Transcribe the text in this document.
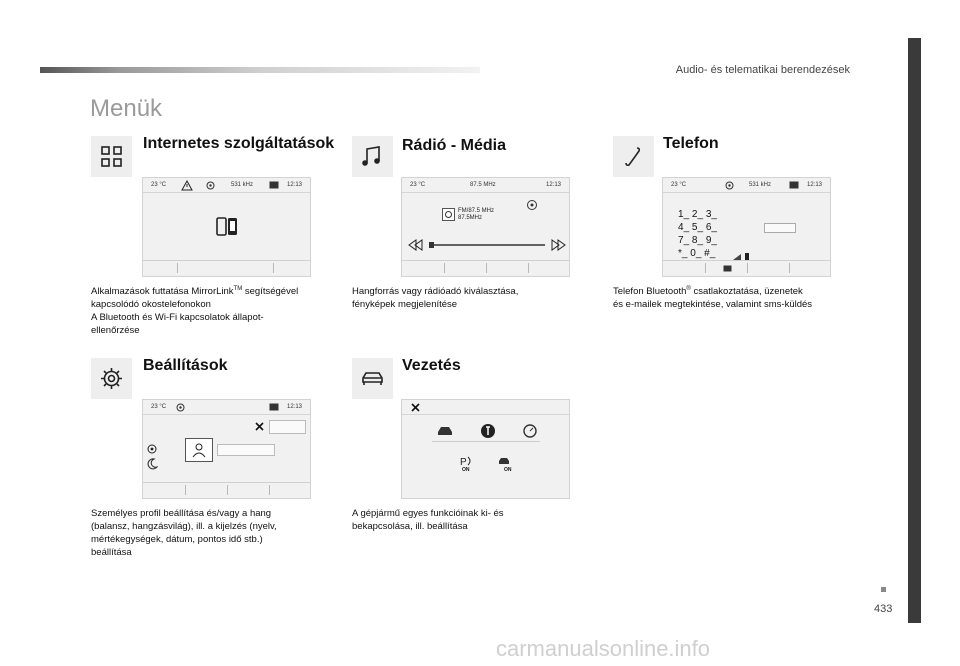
Audio- és telematikai berendezések
433
Menük
Internetes szolgáltatások
23 °C	531 kHz	12:13
Alkalmazások futtatása MirrorLink™ segítségével
kapcsolódó okostelefonokon
A Bluetooth és Wi-Fi kapcsolatok állapot-
ellenőrzése
Rádió - Média
23 °C	87.5 MHz	12:13
FM/87.5 MHz
87.5MHz
Hangforrás vagy rádióadó kiválasztása,
fényképek megjelenítése
Telefon
23 °C	531 kHz	12:13
1_ 2_ 3_
4_ 5_ 6_
7_ 8_ 9_
*_ 0_ #_
Telefon Bluetooth® csatlakoztatása, üzenetek
és e-mailek megtekintése, valamint sms-küldés
Beállítások
23 °C	12:13
Személyes profil beállítása és/vagy a hang
(balansz, hangzásvilág), ill. a kijelzés (nyelv,
mértékegységek, dátum, pontos idő stb.)
beállítása
Vezetés
P
ON	ON
A gépjármű egyes funkcióinak ki- és
bekapcsolása, ill. beállítása
carmanualsonline.info
